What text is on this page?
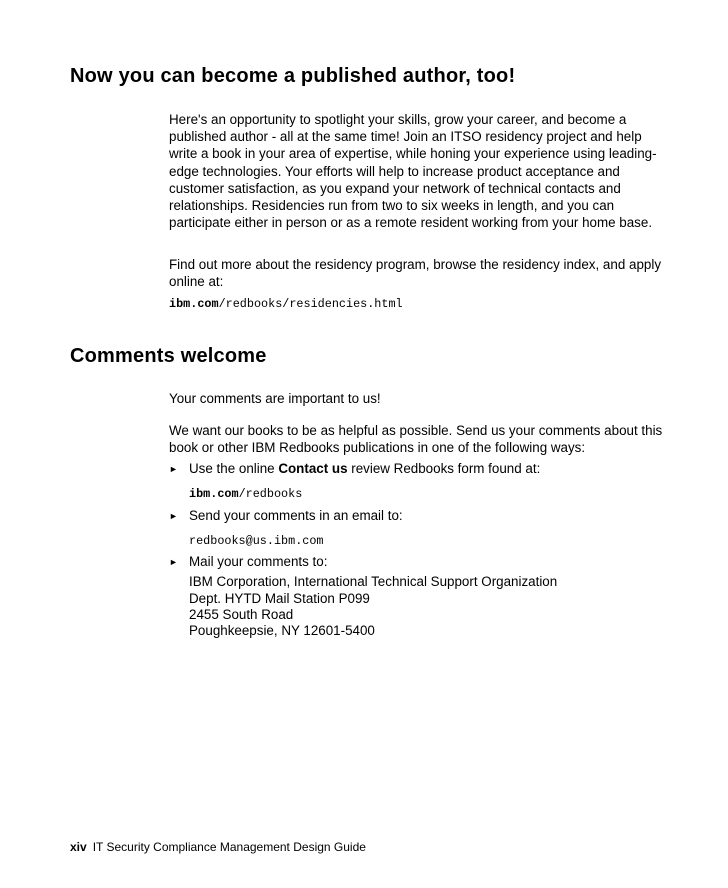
Now you can become a published author, too!

Here's an opportunity to spotlight your skills, grow your career, and become a published author - all at the same time! Join an ITSO residency project and help write a book in your area of expertise, while honing your experience using leading-edge technologies. Your efforts will help to increase product acceptance and customer satisfaction, as you expand your network of technical contacts and relationships. Residencies run from two to six weeks in length, and you can participate either in person or as a remote resident working from your home base.

Find out more about the residency program, browse the residency index, and apply online at:

ibm.com/redbooks/residencies.html

Comments welcome

Your comments are important to us!

We want our books to be as helpful as possible. Send us your comments about this book or other IBM Redbooks publications in one of the following ways:

► Use the online Contact us review Redbooks form found at:

ibm.com/redbooks

► Send your comments in an email to:

redbooks@us.ibm.com

► Mail your comments to:

IBM Corporation, International Technical Support Organization

Dept. HYTD Mail Station P099

2455 South Road

Poughkeepsie, NY 12601-5400

xiv IT Security Compliance Management Design Guide
